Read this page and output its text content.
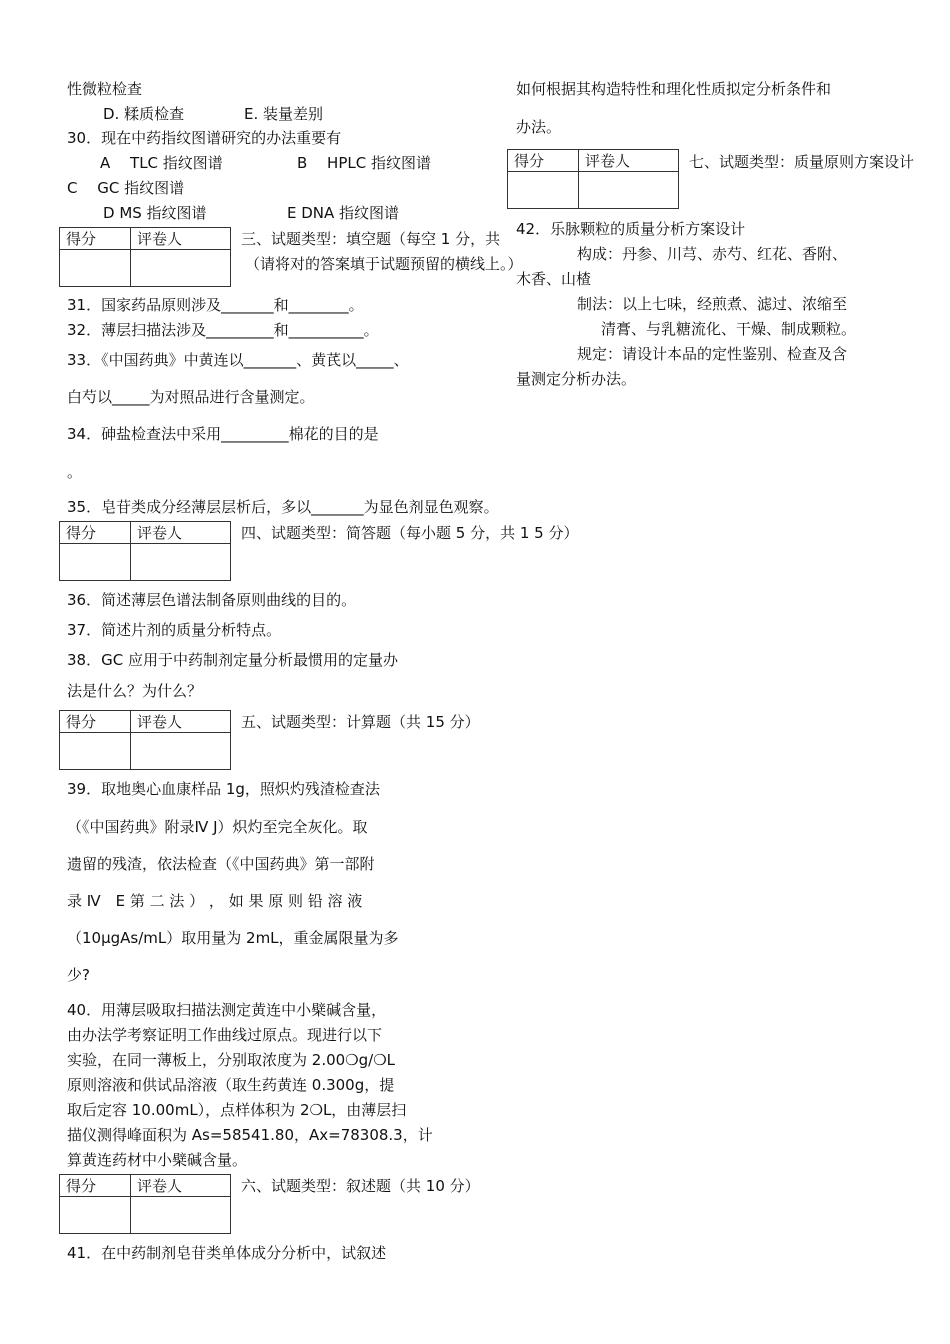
性微粒检查
D. 糅质检查	E. 装量差别
30．现在中药指纹图谱研究的办法重要有
A　 TLC 指纹图谱	B　 HPLC 指纹图谱
C　 GC 指纹图谱
D MS 指纹图谱	E DNA 指纹图谱
得分	评卷人
		三、试题类型：填空题（每空 1 分，共
（请将对的答案填于试题预留的横线上。）
31．国家药品原则涉及_______和________。
32．薄层扫描法涉及_________和__________。
33．《中国药典》中黄连以_______、黄芪以_____、
白芍以_____为对照品进行含量测定。
34．砷盐检查法中采用_________棉花的目的是
。
35．皂苷类成分经薄层层析后，多以_______为显色剂显色观察。
得分	评卷人
		四、试题类型：简答题（每小题 5 分，共 1 5 分）
36．简述薄层色谱法制备原则曲线的目的。
37．简述片剂的质量分析特点。
38．GC 应用于中药制剂定量分析最惯用的定量办
法是什么？为什么？
得分	评卷人
		五、试题类型：计算题（共 15 分）
39．取地奥心血康样品 1g，照炽灼残渣检查法
（《中国药典》附录Ⅳ J）炽灼至完全灰化。取
遗留的残渣，依法检查（《中国药典》第一部附
录 Ⅳ　E 第 二 法 ） ， 如 果 原 则 铅 溶 液
（10μgAs/mL）取用量为 2mL，重金属限量为多
少?
40．用薄层吸取扫描法测定黄连中小檗碱含量，
由办法学考察证明工作曲线过原点。现进行以下
实验，在同一薄板上，分别取浓度为 2.00❍g/❍L
原则溶液和供试品溶液（取生药黄连 0.300g，提
取后定容 10.00mL），点样体积为 2❍L，由薄层扫
描仪测得峰面积为 As=58541.80，Ax=78308.3，计
算黄连药材中小檗碱含量。
得分	评卷人
		六、试题类型：叙述题（共 10 分）
41．在中药制剂皂苷类单体成分分析中，试叙述
如何根据其构造特性和理化性质拟定分析条件和
办法。
得分	评卷人
		七、试题类型：质量原则方案设计
42．乐脉颗粒的质量分析方案设计
构成：丹参、川芎、赤芍、红花、香附、
木香、山楂
制法：以上七味，经煎煮、滤过、浓缩至
清膏、与乳糖流化、干燥、制成颗粒。
规定：请设计本品的定性鉴别、检查及含
量测定分析办法。
